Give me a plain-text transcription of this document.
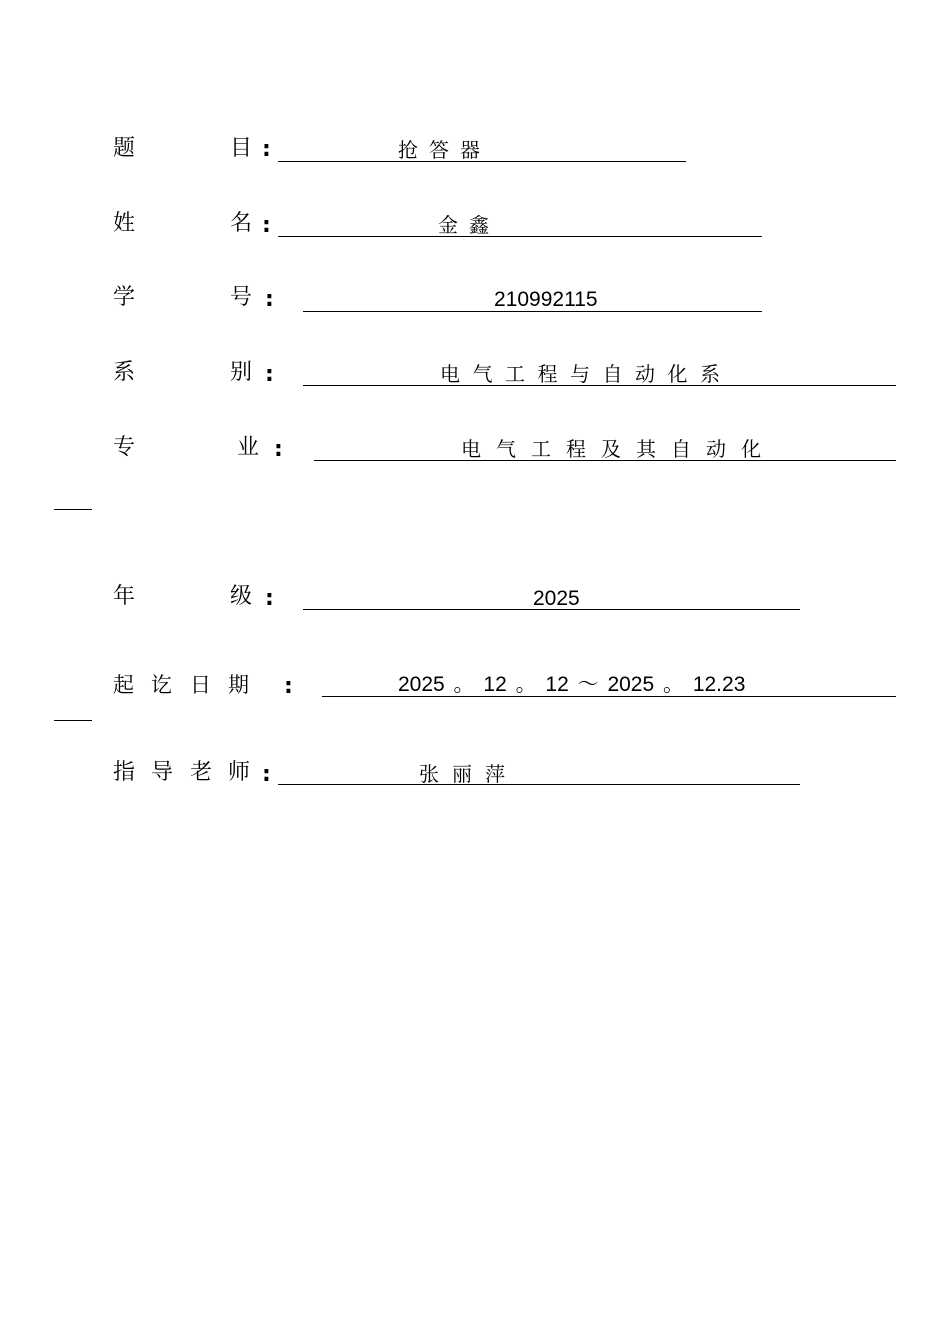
题	目 :	抢答器
姓	名 :	金鑫
学	号 :	210992115
系	别 :	电气工程与自动化系
专	业 :	电气工程及其自动化
年	级 :	2025
起 讫 日 期 :	2025 。 12 。 12 ～ 2025 。 12.23
指 导 老 师 :	张丽萍
